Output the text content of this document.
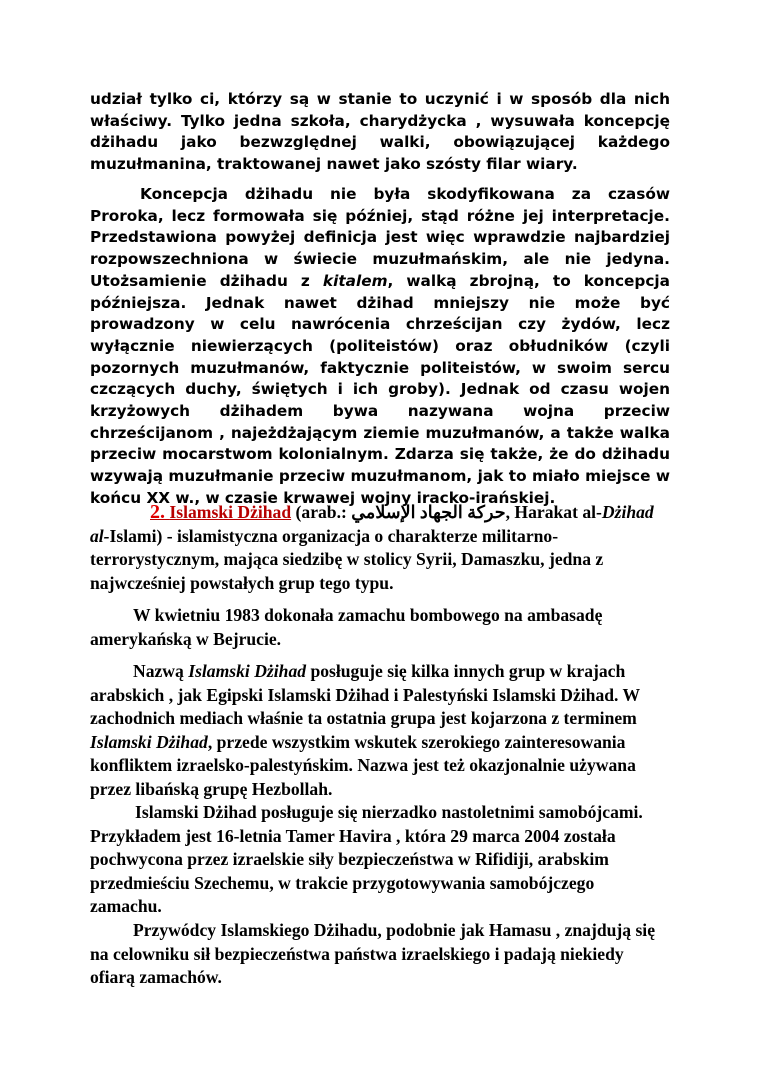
udział tylko ci, którzy są w stanie to uczynić i w sposób dla nich właściwy. Tylko jedna szkoła, charydżycka , wysuwała koncepcję dżihadu jako bezwzględnej walki, obowiązującej każdego muzułmanina, traktowanej nawet jako szósty filar wiary.

Koncepcja dżihadu nie była skodyfikowana za czasów Proroka, lecz formowała się później, stąd różne jej interpretacje. Przedstawiona powyżej definicja jest więc wprawdzie najbardziej rozpowszechniona w świecie muzułmańskim, ale nie jedyna. Utożsamienie dżihadu z kitalem, walką zbrojną, to koncepcja późniejsza. Jednak nawet dżihad mniejszy nie może być prowadzony w celu nawrócenia chrześcijan czy żydów, lecz wyłącznie niewierzących (politeistów) oraz obłudników (czyli pozornych muzułmanów, faktycznie politeistów, w swoim sercu czczących duchy, świętych i ich groby). Jednak od czasu wojen krzyżowych dżihadem bywa nazywana wojna przeciw chrześcijanom , najeżdżającym ziemie muzułmanów, a także walka przeciw mocarstwom kolonialnym. Zdarza się także, że do dżihadu wzywają muzułmanie przeciw muzułmanom, jak to miało miejsce w końcu XX w., w czasie krwawej wojny iracko-irańskiej.

2. Islamski Dżihad (arab.: حركة الجهاد الإسلامي, Harakat al-Dżihad al-Islami) - islamistyczna organizacja o charakterze militarno-terrorystycznym, mająca siedzibę w stolicy Syrii, Damaszku, jedna z najwcześniej powstałych grup tego typu.

W kwietniu 1983 dokonała zamachu bombowego na ambasadę amerykańską w Bejrucie.

Nazwą Islamski Dżihad posługuje się kilka innych grup w krajach arabskich , jak Egipski Islamski Dżihad i Palestyński Islamski Dżihad. W zachodnich mediach właśnie ta ostatnia grupa jest kojarzona z terminem Islamski Dżihad, przede wszystkim wskutek szerokiego zainteresowania konfliktem izraelsko-palestyńskim. Nazwa jest też okazjonalnie używana przez libańską grupę Hezbollah.

Islamski Dżihad posługuje się nierzadko nastoletnimi samobójcami. Przykładem jest 16-letnia Tamer Havira , która 29 marca 2004 została pochwycona przez izraelskie siły bezpieczeństwa w Rifidiji, arabskim przedmieściu Szechemu, w trakcie przygotowywania samobójczego zamachu.

Przywódcy Islamskiego Dżihadu, podobnie jak Hamasu , znajdują się na celowniku sił bezpieczeństwa państwa izraelskiego i padają niekiedy ofiarą zamachów.
